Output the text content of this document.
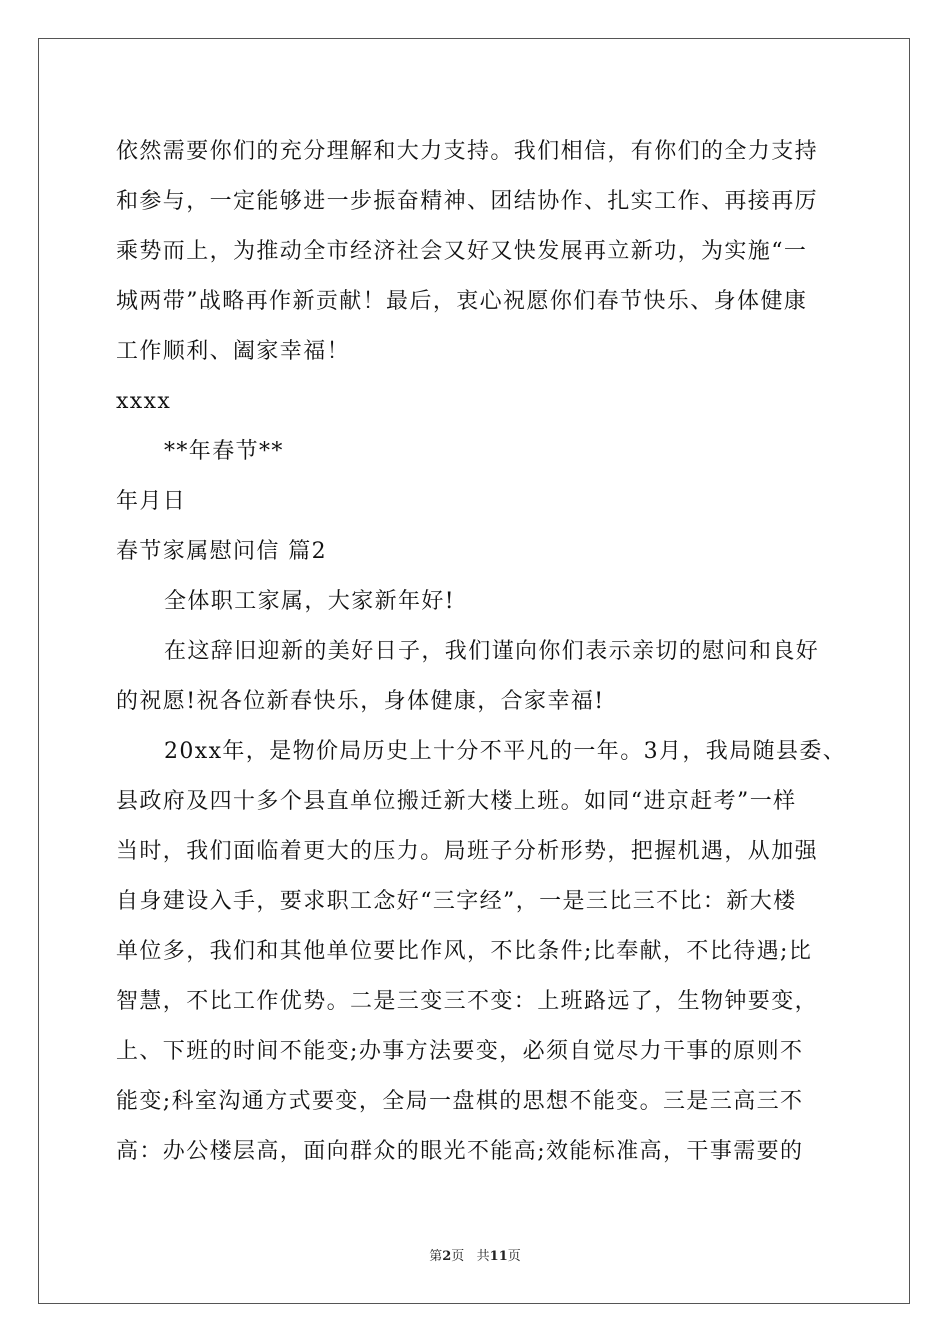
依然需要你们的充分理解和大力支持。我们相信，有你们的全力支持
和参与，一定能够进一步振奋精神、团结协作、扎实工作、再接再厉
乘势而上，为推动全市经济社会又好又快发展再立新功，为实施“一
城两带”战略再作新贡献！最后，衷心祝愿你们春节快乐、身体健康
工作顺利、阖家幸福！
xxxx
**年春节**
年月日
春节家属慰问信 篇2
全体职工家属，大家新年好!
在这辞旧迎新的美好日子，我们谨向你们表示亲切的慰问和良好
的祝愿!祝各位新春快乐，身体健康，合家幸福!
20xx年，是物价局历史上十分不平凡的一年。3月，我局随县委、
县政府及四十多个县直单位搬迁新大楼上班。如同“进京赶考”一样
当时，我们面临着更大的压力。局班子分析形势，把握机遇，从加强
自身建设入手，要求职工念好“三字经”，一是三比三不比：新大楼
单位多，我们和其他单位要比作风，不比条件;比奉献，不比待遇;比
智慧，不比工作优势。二是三变三不变：上班路远了，生物钟要变，
上、下班的时间不能变;办事方法要变，必须自觉尽力干事的原则不
能变;科室沟通方式要变，全局一盘棋的思想不能变。三是三高三不
高：办公楼层高，面向群众的眼光不能高;效能标准高，干事需要的
第2页   共11页
